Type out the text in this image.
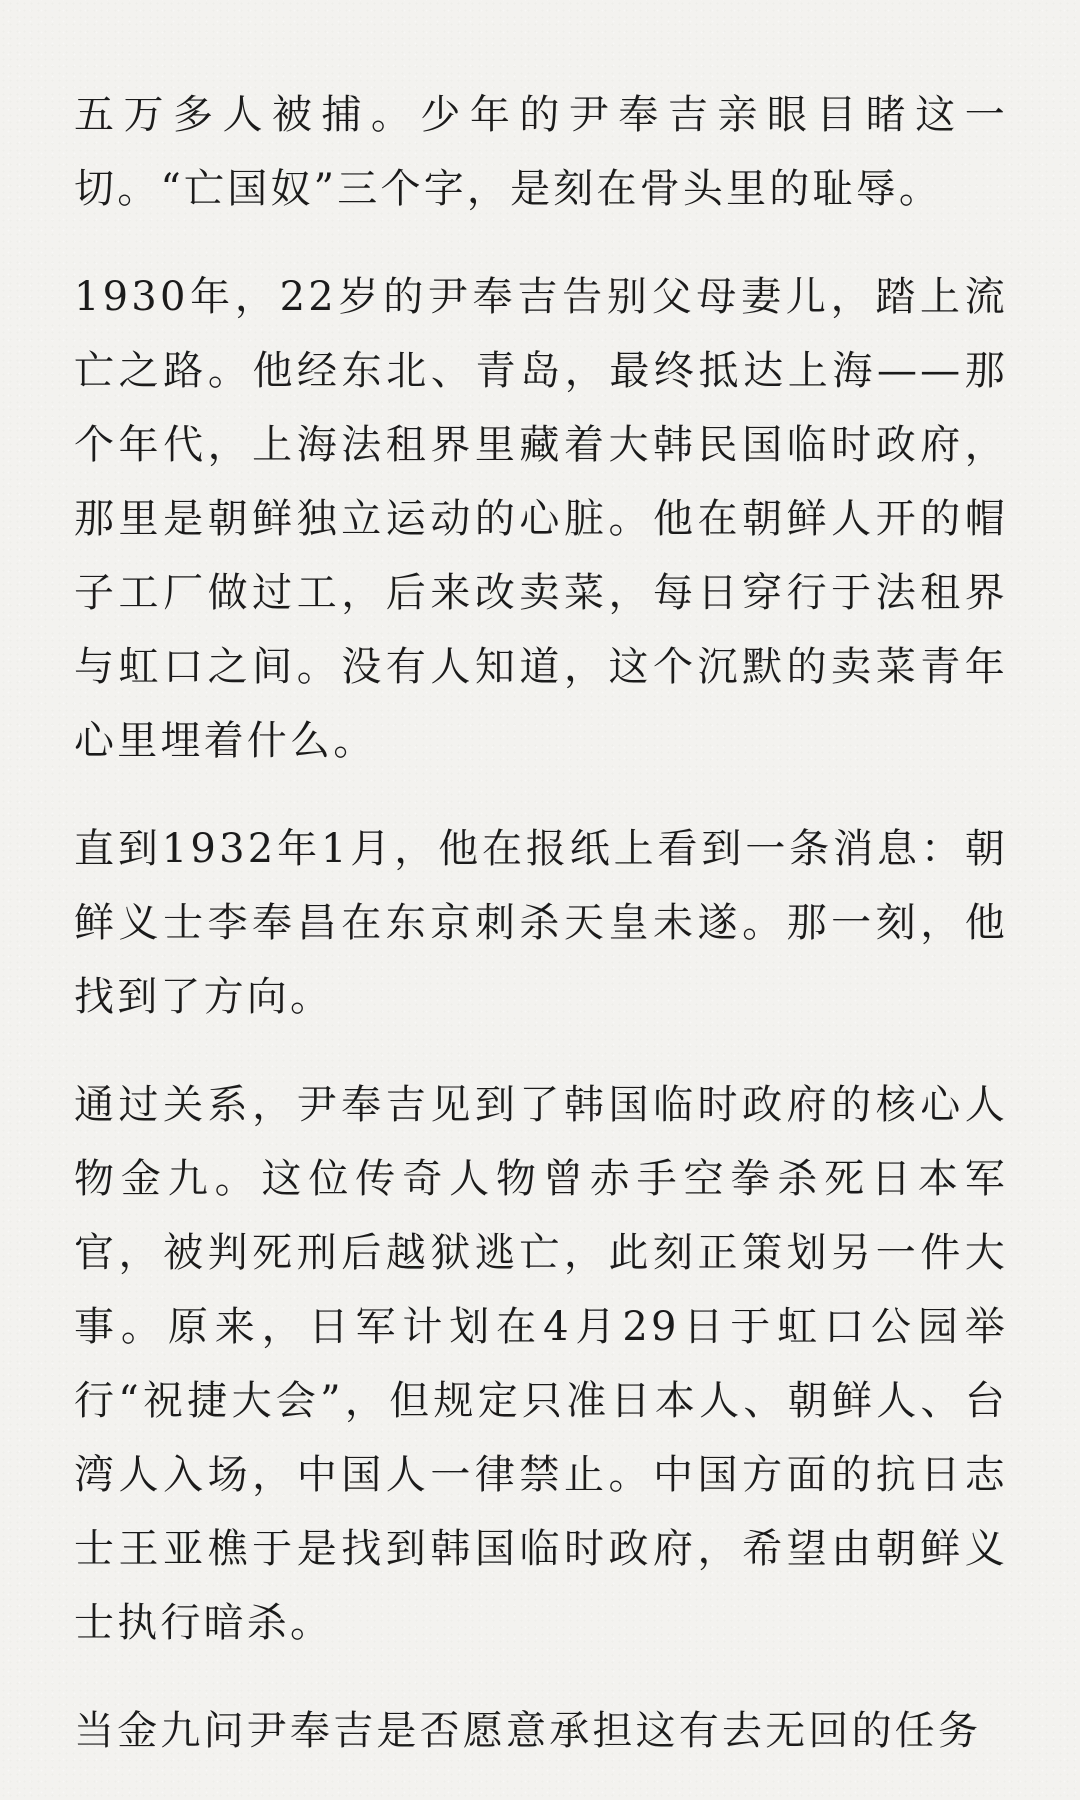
五万多人被捕。少年的尹奉吉亲眼目睹这一切。“亡国奴”三个字，是刻在骨头里的耻辱。

1930年，22岁的尹奉吉告别父母妻儿，踏上流亡之路。他经东北、青岛，最终抵达上海——那个年代，上海法租界里藏着大韩民国临时政府，那里是朝鲜独立运动的心脏。他在朝鲜人开的帽子工厂做过工，后来改卖菜，每日穿行于法租界与虹口之间。没有人知道，这个沉默的卖菜青年心里埋着什么。

直到1932年1月，他在报纸上看到一条消息：朝鲜义士李奉昌在东京刺杀天皇未遂。那一刻，他找到了方向。

通过关系，尹奉吉见到了韩国临时政府的核心人物金九。这位传奇人物曾赤手空拳杀死日本军官，被判死刑后越狱逃亡，此刻正策划另一件大事。原来，日军计划在4月29日于虹口公园举行“祝捷大会”，但规定只准日本人、朝鲜人、台湾人入场，中国人一律禁止。中国方面的抗日志士王亚樵于是找到韩国临时政府，希望由朝鲜义士执行暗杀。

当金九问尹奉吉是否愿意承担这有去无回的任务
